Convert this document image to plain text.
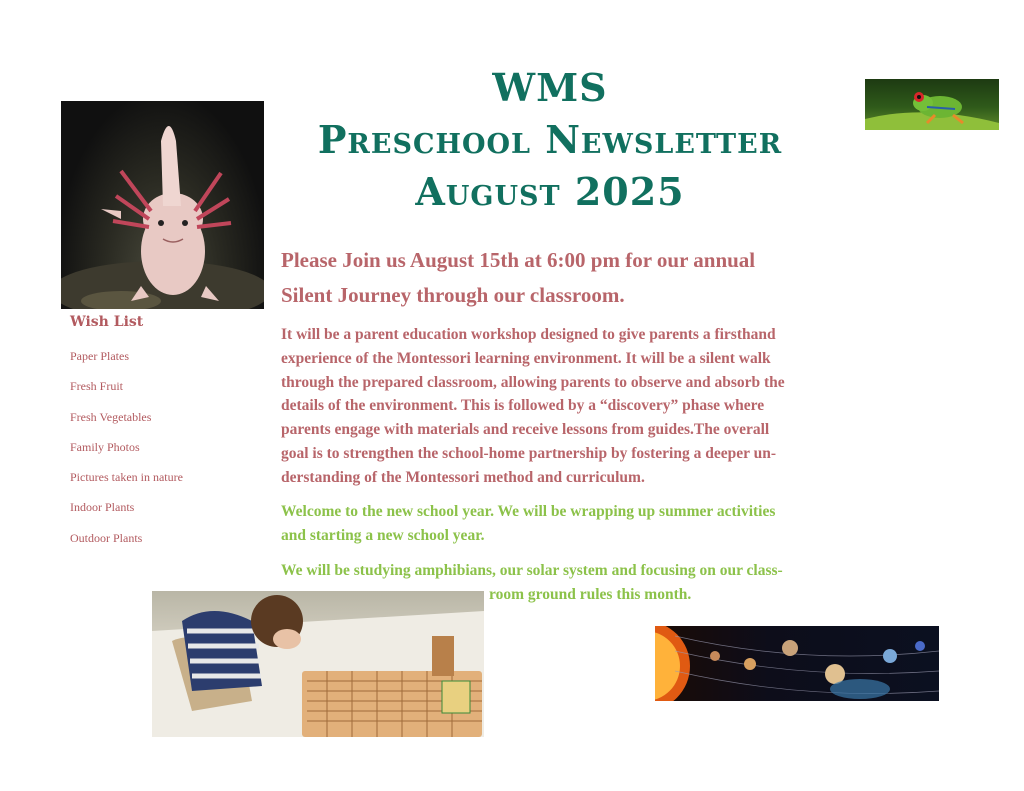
WMS
Preschool Newsletter
August 2025
Wish List
Paper Plates
Fresh Fruit
Fresh Vegetables
Family Photos
Pictures taken in nature
Indoor Plants
Outdoor Plants
Please Join us August 15th at 6:00 pm for our annual
Silent Journey through our classroom.
It will be a parent education workshop designed to give parents a firsthand
experience of the Montessori learning environment. It will be a silent walk
through the prepared classroom, allowing parents to observe and absorb the
details of the environment. This is followed by a “discovery” phase where
parents engage with materials and receive lessons from guides.The overall
goal is to strengthen the school-home partnership by fostering a deeper un-
derstanding of the Montessori method and curriculum.
Welcome to the new school year. We will be wrapping up summer activities
and starting a new school year.
We will be studying amphibians, our solar system and focusing on our class-
room ground rules this month.
